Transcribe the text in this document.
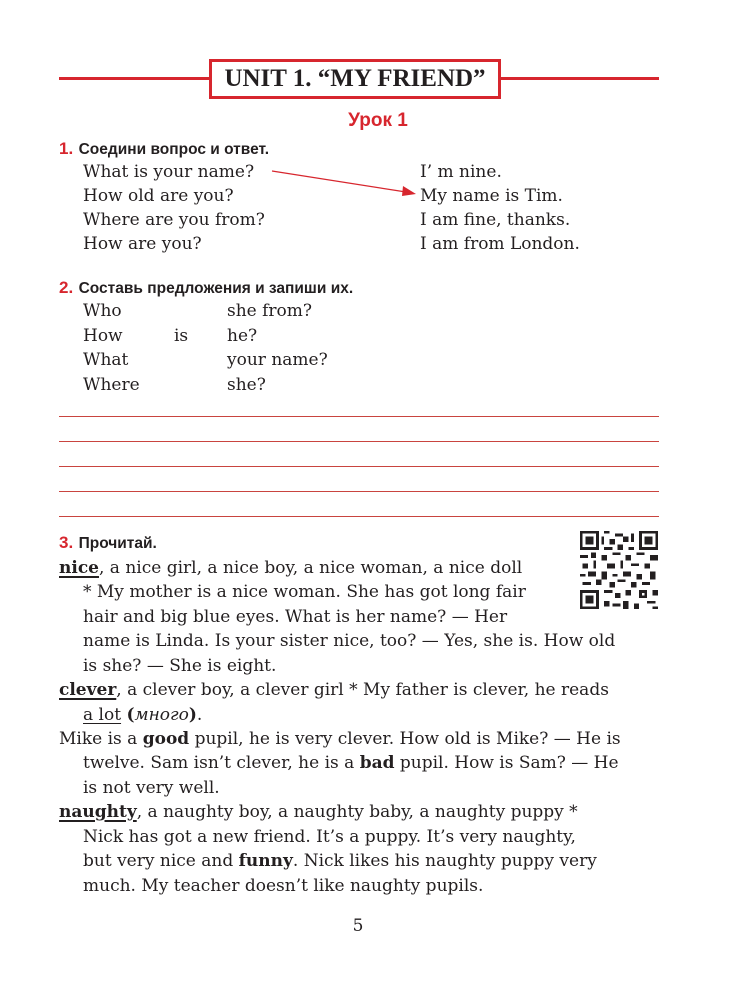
UNIT 1. “MY FRIEND”
Урок 1
1. Соедини вопрос и ответ.
What is your name?
How old are you?
Where are you from?
How are you?
I’ m nine.
My name is Tim.
I am fine, thanks.
I am from London.
2. Составь предложения и запиши их.
Who
How
What
Where
is
she from?
he?
your name?
she?
3. Прочитай.
nice, a nice girl, a nice boy, a nice woman, a nice doll
* My mother is a nice woman. She has got long fair
hair and big blue eyes. What is her name? — Her
name is Linda. Is your sister nice, too? — Yes, she is. How old
is she? — She is eight.
clever, a clever boy, a clever girl * My father is clever, he reads
a lot (много).
Mike is a good pupil, he is very clever. How old is Mike? — He is
twelve. Sam isn’t clever, he is a bad pupil. How is Sam? — He
is not very well.
naughty, a naughty boy, a naughty baby, a naughty puppy *
Nick has got a new friend. It’s a puppy. It’s very naughty,
but very nice and funny. Nick likes his naughty puppy very
much. My teacher doesn’t like naughty pupils.
5
